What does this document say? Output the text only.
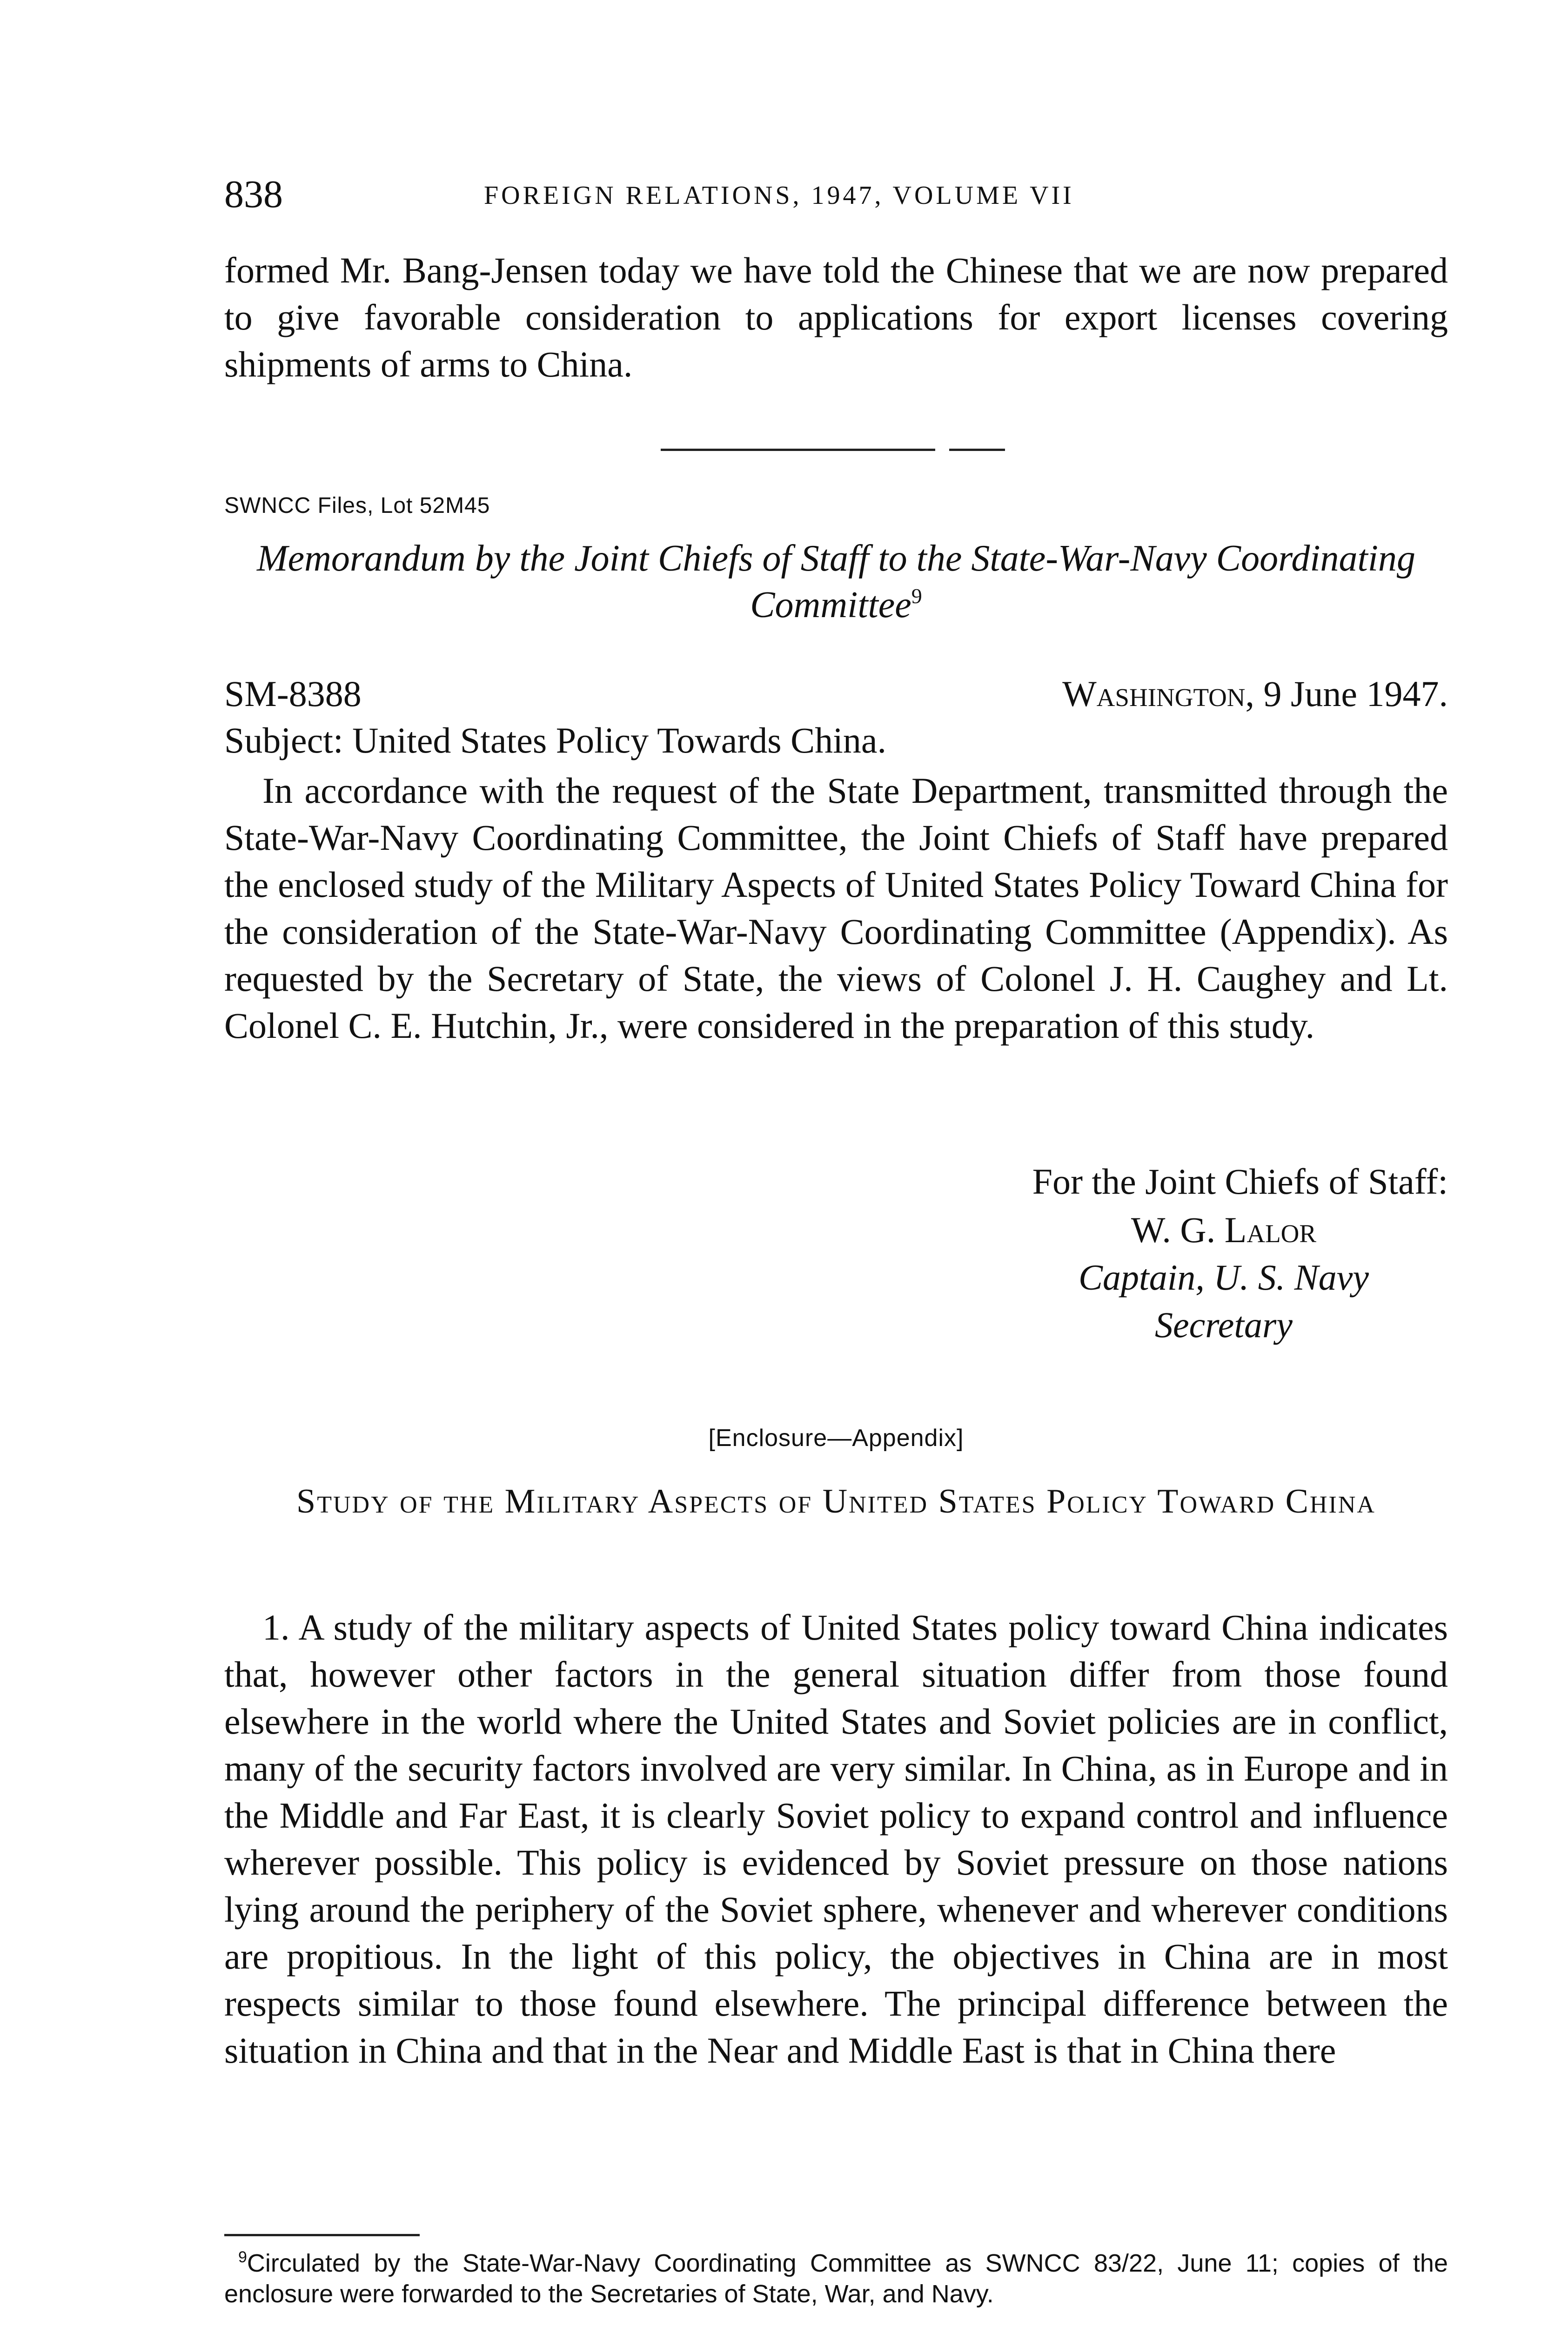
838	FOREIGN RELATIONS, 1947, VOLUME VII

formed Mr. Bang-Jensen today we have told the Chinese that we are now prepared to give favorable consideration to applications for export licenses covering shipments of arms to China.

SWNCC Files, Lot 52M45
Memorandum by the Joint Chiefs of Staff to the State-War-Navy Coordinating Committee$^9$
SM-8388	Washington, 9 June 1947.
Subject: United States Policy Towards China.

In accordance with the request of the State Department, transmitted through the State-War-Navy Coordinating Committee, the Joint Chiefs of Staff have prepared the enclosed study of the Military Aspects of United States Policy Toward China for the consideration of the State-War-Navy Coordinating Committee (Appendix). As requested by the Secretary of State, the views of Colonel J. H. Caughey and Lt. Colonel C. E. Hutchin, Jr., were considered in the preparation of this study.

For the Joint Chiefs of Staff:
W. G. Lalor
Captain, U. S. Navy
Secretary
[Enclosure—Appendix]
Study of the Military Aspects of United States Policy Toward China

1. A study of the military aspects of United States policy toward China indicates that, however other factors in the general situation differ from those found elsewhere in the world where the United States and Soviet policies are in conflict, many of the security factors involved are very similar. In China, as in Europe and in the Middle and Far East, it is clearly Soviet policy to expand control and influence wherever possible. This policy is evidenced by Soviet pressure on those nations lying around the periphery of the Soviet sphere, whenever and wherever conditions are propitious. In the light of this policy, the objectives in China are in most respects similar to those found elsewhere. The principal difference between the situation in China and that in the Near and Middle East is that in China there

$^9$Circulated by the State-War-Navy Coordinating Committee as SWNCC 83/22, June 11; copies of the enclosure were forwarded to the Secretaries of State, War, and Navy.
